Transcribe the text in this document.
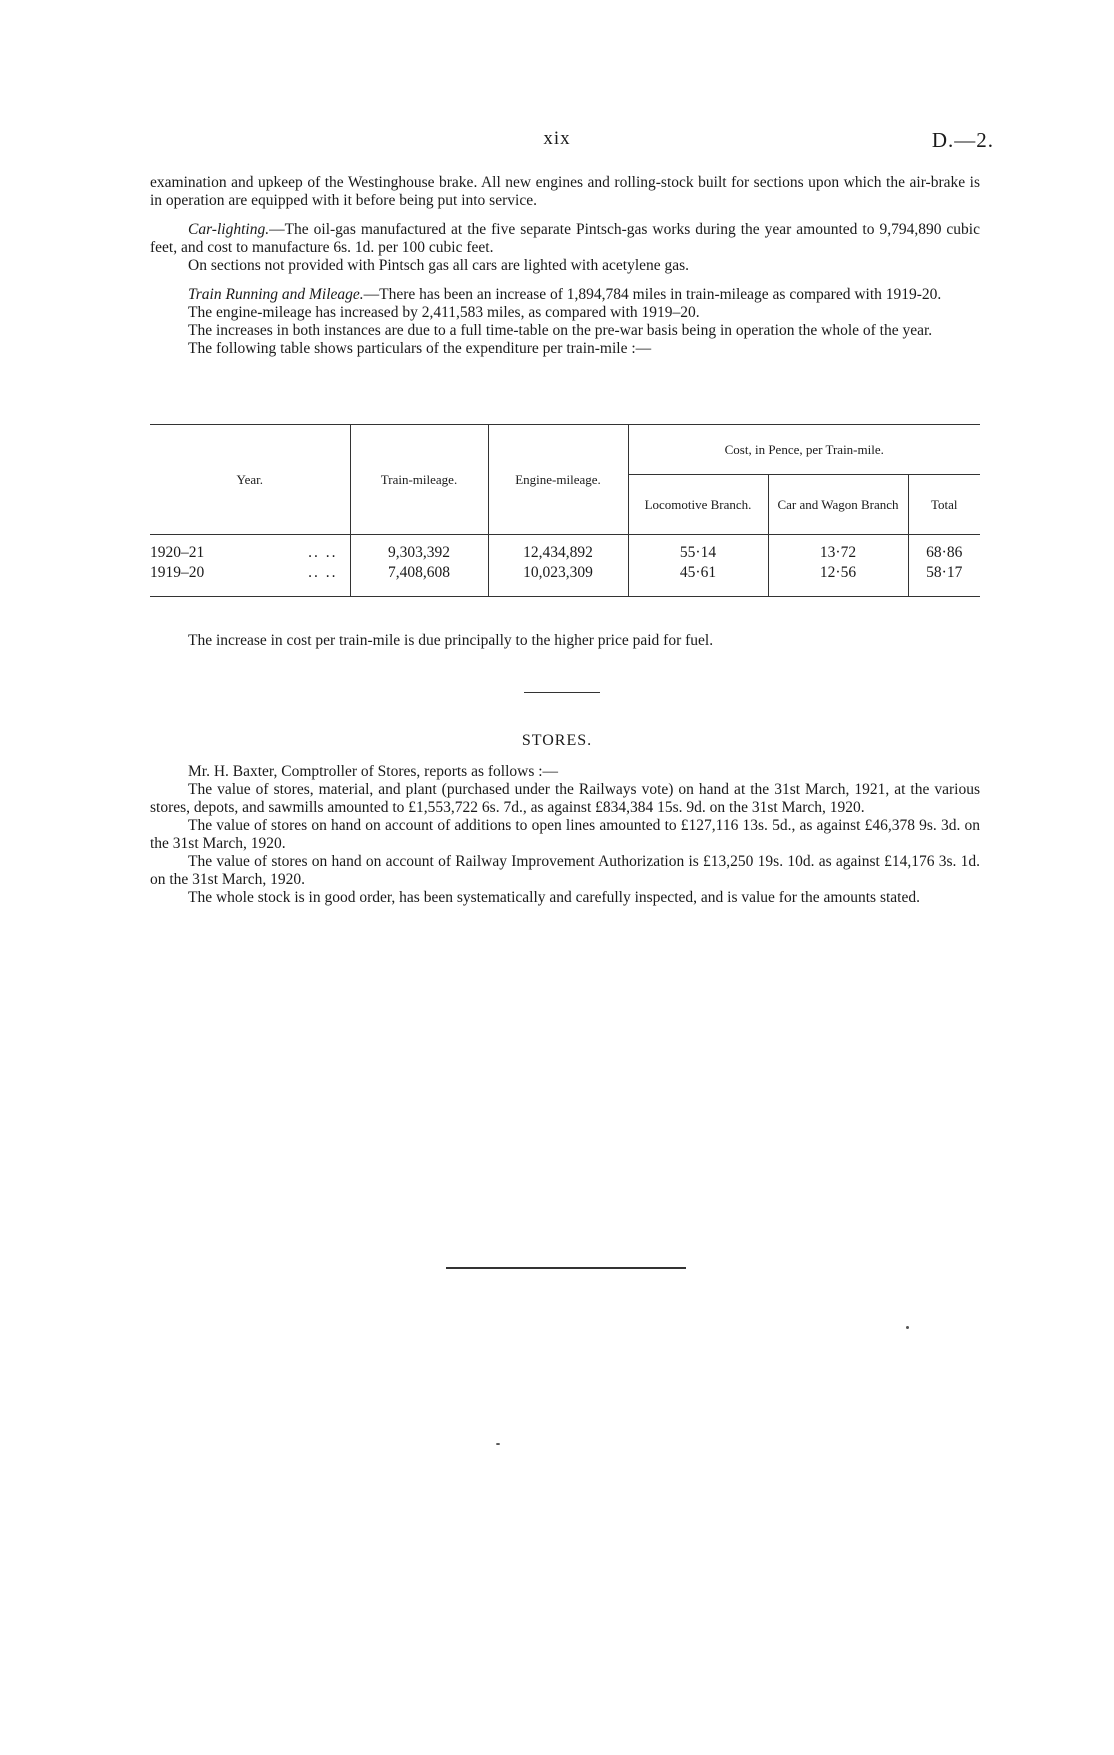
xix	D.—2.

examination and upkeep of the Westinghouse brake. All new engines and rolling-stock built for sections upon which the air-brake is in operation are equipped with it before being put into service.

Car-lighting.—The oil-gas manufactured at the five separate Pintsch-gas works during the year amounted to 9,794,890 cubic feet, and cost to manufacture 6s. 1d. per 100 cubic feet.

On sections not provided with Pintsch gas all cars are lighted with acetylene gas.

Train Running and Mileage.—There has been an increase of 1,894,784 miles in train-mileage as compared with 1919-20.

The engine-mileage has increased by 2,411,583 miles, as compared with 1919–20.

The increases in both instances are due to a full time-table on the pre-war basis being in operation the whole of the year.

The following table shows particulars of the expenditure per train-mile :—

Year.	Train-mileage.	Engine-mileage.	Cost, in Pence, per Train-mile.		
			Locomotive Branch.	Car and Wagon Branch	Total

1920–21 .. ..	9,303,392	12,434,892	55·14	13·72	68·86
1919–20 .. ..	7,408,608	10,023,309	45·61	12·56	58·17

The increase in cost per train-mile is due principally to the higher price paid for fuel.

STORES.

Mr. H. Baxter, Comptroller of Stores, reports as follows :—

The value of stores, material, and plant (purchased under the Railways vote) on hand at the 31st March, 1921, at the various stores, depots, and sawmills amounted to £1,553,722 6s. 7d., as against £834,384 15s. 9d. on the 31st March, 1920.

The value of stores on hand on account of additions to open lines amounted to £127,116 13s. 5d., as against £46,378 9s. 3d. on the 31st March, 1920.

The value of stores on hand on account of Railway Improvement Authorization is £13,250 19s. 10d. as against £14,176 3s. 1d. on the 31st March, 1920.

The whole stock is in good order, has been systematically and carefully inspected, and is value for the amounts stated.
